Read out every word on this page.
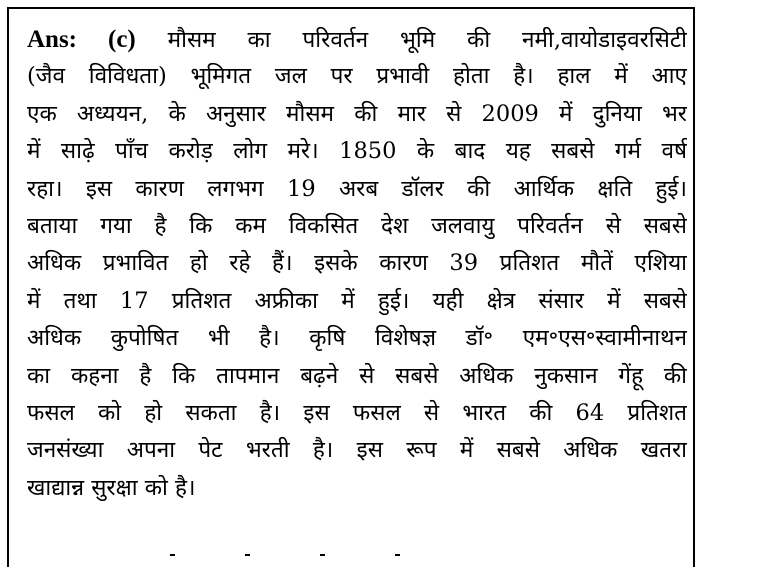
Ans: (c) मौसम का परिवर्तन भूमि की नमी,वायोडाइवरसिटी
(जैव विविधता) भूमिगत जल पर प्रभावी होता है। हाल में आए
एक अध्ययन, के अनुसार मौसम की मार से 2009 में दुनिया भर
में साढ़े पाँच करोड़ लोग मरे। 1850 के बाद यह सबसे गर्म वर्ष
रहा। इस कारण लगभग 19 अरब डॉलर की आर्थिक क्षति हुई।
बताया गया है कि कम विकसित देश जलवायु परिवर्तन से सबसे
अधिक प्रभावित हो रहे हैं। इसके कारण 39 प्रतिशत मौतें एशिया
में तथा 17 प्रतिशत अफ्रीका में हुई। यही क्षेत्र संसार में सबसे
अधिक कुपोषित भी है। कृषि विशेषज्ञ डॉ॰ एम॰एस॰स्वामीनाथन
का कहना है कि तापमान बढ़ने से सबसे अधिक नुकसान गेंहू की
फसल को हो सकता है। इस फसल से भारत की 64 प्रतिशत
जनसंख्या अपना पेट भरती है। इस रूप में सबसे अधिक खतरा
खाद्यान्न सुरक्षा को है।
